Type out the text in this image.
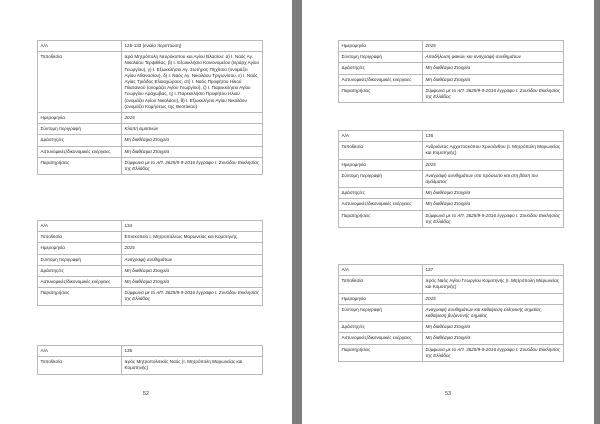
Α/Α	125-133 (ενιαία περιπτώση)
Τοποθεσία	Ιερά Μητρόπολη Νευρόκοπου και Αγίου Βλασίου: α) Ι. Ναός Αγ. Νικολάου Τερψιθέας, β) Ι. Εξωκκλήσιο Κοινονομείου (Ιεράρχ Αγίου Γεωργίου), γ) Ι. Εξωκκλήσιο Αγ. Σωτήρος Πηχίτσιο (ονομάζει Αγίου Αθανασίου), δ) Ι. Ναός Αγ. Νικολάου Τριγωνίσου, ε) Ι. Ναός Αγίας Τριάδος Ελαιοχώρους, στ) Ι. Ναός Προφήτου Ηλιού Πλατανιού (ονομάζει Αγίου Γεωργίου), ζ) Ι. Παρεκκλήσιο Αγίου Γεωργίου Αράχωβας, η) Ι. Παρεκκλήσιο Προφήτου Ηλιού (ονομάζει Αγίου Νικολάου), θ) Ι. Εξωκκλήσιο Αγίου Νικολάου (ονομάζει Κομήσεως της Θεοτόκου)
Ημερομηνία	2015
Σύντομη περιγραφή	Κλοπή ειμιτανών
Δράστης/ες	Μη διαθέσιμα Στοιχεία
Αστυνομικές/δικονομικές ενέργειες	Μη διαθέσιμα Στοιχεία
Παρατηρήσεις	Σύμφωνα με το ΑΠ. 3625/9-9-2016 έγγραφο Ι. Συνόδου Εκκλησίας της Ελλάδος
Α/Α	134
Τοποθεσία	Επισκοπείο Ι. Μητροπόλεως Μαρωνείας και Κομοτηνής
Ημερομηνία	2015
Σύντομη περιγραφή	Αναγραφή συνθημάτων
Δράστης/ες	Μη διαθέσιμα Στοιχεία
Αστυνομικές/δικονομικές ενέργειες	Μη διαθέσιμα Στοιχεία
Παρατηρήσεις	Σύμφωνα με το ΑΠ. 3625/9-9-2016 έγγραφο Ι. Συνόδου Εκκλησίας της Ελλάδος
Α/Α	135
Τοποθεσία	Ιερός Μητροπολιτικός Ναός (Ι. Μητρόπολη Μαρωνείας και Κομοτηνής)
52
Ημερομηνία	2015
Σύντομη περιγραφή	Αποδήλωση φακών και αναγραφή συνθημάτων
Δράστης/ες	Μη διαθέσιμα Στοιχεία
Αστυνομικές/δικονομικές ενέργειες	Μη διαθέσιμα Στοιχεία
Παρατηρήσεις	Σύμφωνα με το ΑΠ. 3625/9-9-2016 έγγραφο Ι. Συνόδου Εκκλησίας της Ελλάδος
Α/Α	136
Τοποθεσία	Ανδριάντας Αρχιεπισκόπου Χρυσάνθου (Ι. Μητρόπολη Μαρωνείας και Κομοτηνής)
Ημερομηνία	2015
Σύντομη περιγραφή	Αναγραφή συνθημάτων στο πρόσωπο και στη βάση του αγάλματος
Δράστης/ες	Μη διαθέσιμα Στοιχεία
Αστυνομικές/δικονομικές ενέργειες	Μη διαθέσιμα Στοιχεία
Παρατηρήσεις	Σύμφωνα με το ΑΠ. 3625/9-9-2016 έγγραφο Ι. Συνόδου Εκκλησίας της Ελλάδος
Α/Α	137
Τοποθεσία	Ιερός Ναός Αγίου Γεωργίου Κομοτηνής (Ι. Μητρόπολη Μαρωνείας και Κομοτηνής)
Ημερομηνία	2015
Σύντομη περιγραφή	Αναγραφή συνθημάτων και καθαίρεση ελληνικής σημαίας, καθαίρεση βυζαντινής σημαίας
Δράστης/ες	Μη διαθέσιμα Στοιχεία
Αστυνομικές/δικονομικές ενέργειες	Μη διαθέσιμα Στοιχεία
Παρατηρήσεις	Σύμφωνα με το ΑΠ. 3625/9-9-2016 έγγραφο Ι. Συνόδου Εκκλησίας της Ελλάδος
53
